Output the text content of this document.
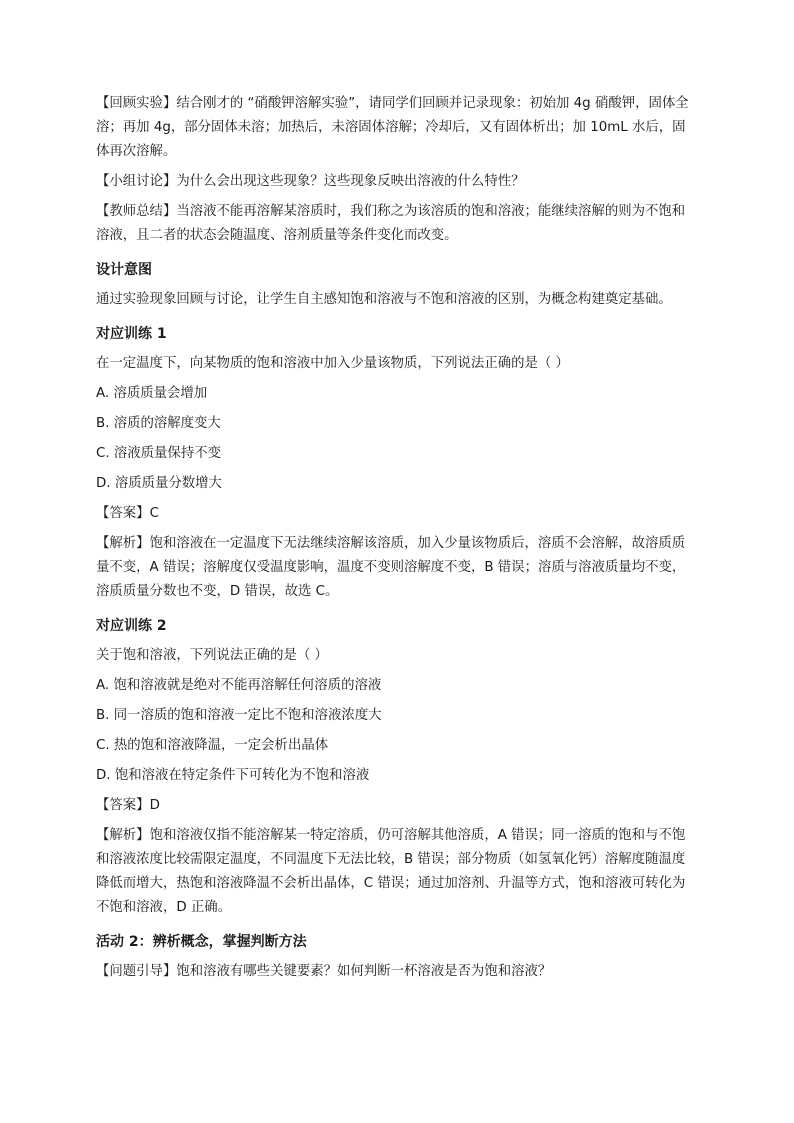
【回顾实验】结合刚才的 “硝酸钾溶解实验”，请同学们回顾并记录现象：初始加 4g 硝酸钾，固体全溶；再加 4g，部分固体未溶；加热后，未溶固体溶解；冷却后，又有固体析出；加 10mL 水后，固体再次溶解。
【小组讨论】为什么会出现这些现象？这些现象反映出溶液的什么特性？
【教师总结】当溶液不能再溶解某溶质时，我们称之为该溶质的饱和溶液；能继续溶解的则为不饱和溶液，且二者的状态会随温度、溶剂质量等条件变化而改变。
设计意图
通过实验现象回顾与讨论，让学生自主感知饱和溶液与不饱和溶液的区别，为概念构建奠定基础。
对应训练 1
在一定温度下，向某物质的饱和溶液中加入少量该物质，下列说法正确的是（ ）
A. 溶质质量会增加
B. 溶质的溶解度变大
C. 溶液质量保持不变
D. 溶质质量分数增大
【答案】C
【解析】饱和溶液在一定温度下无法继续溶解该溶质，加入少量该物质后，溶质不会溶解，故溶质质量不变，A 错误；溶解度仅受温度影响，温度不变则溶解度不变，B 错误；溶质与溶液质量均不变，溶质质量分数也不变，D 错误，故选 C。
对应训练 2
关于饱和溶液，下列说法正确的是（ ）
A. 饱和溶液就是绝对不能再溶解任何溶质的溶液
B. 同一溶质的饱和溶液一定比不饱和溶液浓度大
C. 热的饱和溶液降温，一定会析出晶体
D. 饱和溶液在特定条件下可转化为不饱和溶液
【答案】D
【解析】饱和溶液仅指不能溶解某一特定溶质，仍可溶解其他溶质，A 错误；同一溶质的饱和与不饱和溶液浓度比较需限定温度，不同温度下无法比较，B 错误；部分物质（如氢氧化钙）溶解度随温度降低而增大，热饱和溶液降温不会析出晶体，C 错误；通过加溶剂、升温等方式，饱和溶液可转化为不饱和溶液，D 正确。
活动 2：辨析概念，掌握判断方法
【问题引导】饱和溶液有哪些关键要素？如何判断一杯溶液是否为饱和溶液？
